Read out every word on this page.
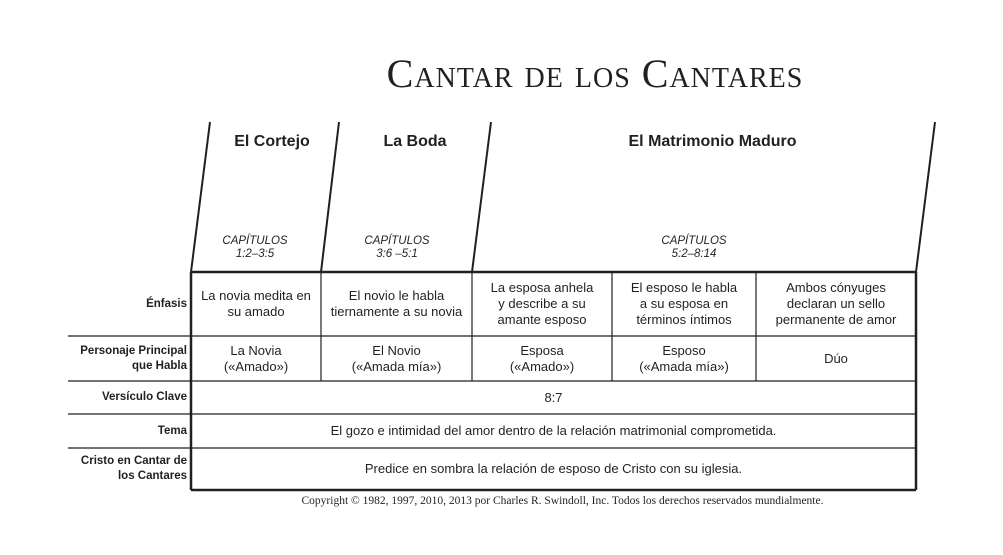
Cantar de los Cantares
El Cortejo	La Boda	El Matrimonio Maduro
CAPÍTULOS
1:2–3:5
CAPÍTULOS
3:6 –5:1
CAPÍTULOS
5:2–8:14
Énfasis
Personaje Principal
que Habla
Versículo Clave
Tema
Cristo en Cantar de
los Cantares
La novia medita en
su amado
El novio le habla
tiernamente a su novia
La esposa anhela
y describe a su
amante esposo
El esposo le habla
a su esposa en
términos íntimos
Ambos cónyuges
declaran un sello
permanente de amor
La Novia
(«Amado»)
El Novio
(«Amada mía»)
Esposa
(«Amado»)
Esposo
(«Amada mía»)
Dúo
8:7
El gozo e intimidad del amor dentro de la relación matrimonial comprometida.
Predice en sombra la relación de esposo de Cristo con su iglesia.
Copyright © 1982, 1997, 2010, 2013 por Charles R. Swindoll, Inc. Todos los derechos reservados mundialmente.
